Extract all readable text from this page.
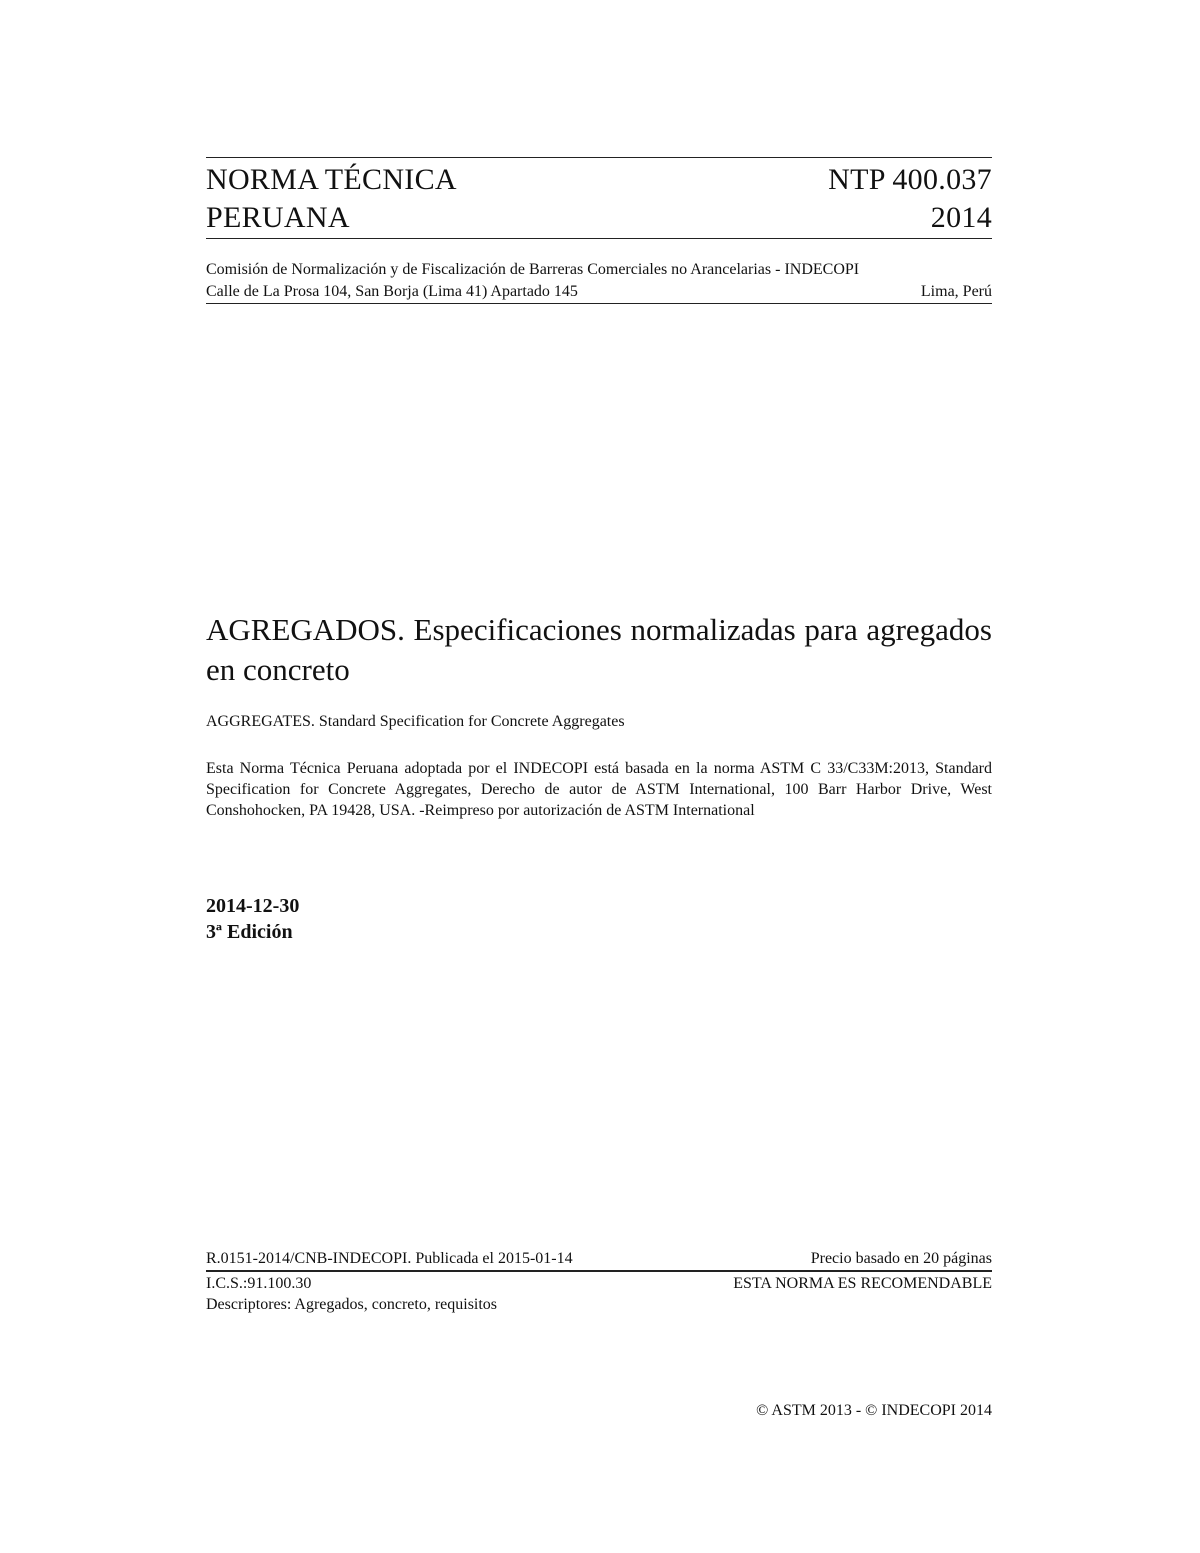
NORMA TÉCNICA	NTP 400.037
PERUANA	2014
Comisión de Normalización y de Fiscalización de Barreras Comerciales no Arancelarias - INDECOPI
Calle de La Prosa 104, San Borja (Lima 41) Apartado 145	Lima, Perú
AGREGADOS. Especificaciones normalizadas para agregados en concreto
AGGREGATES. Standard Specification for Concrete Aggregates
Esta Norma Técnica Peruana adoptada por el INDECOPI está basada en la norma ASTM C 33/C33M:2013, Standard Specification for Concrete Aggregates, Derecho de autor de ASTM International, 100 Barr Harbor Drive, West Conshohocken, PA 19428, USA. -Reimpreso por autorización de ASTM International
2014-12-30
3ª Edición
R.0151-2014/CNB-INDECOPI. Publicada el 2015-01-14	Precio basado en 20 páginas
I.C.S.:91.100.30	ESTA NORMA ES RECOMENDABLE
Descriptores: Agregados, concreto, requisitos
© ASTM 2013 - © INDECOPI 2014
